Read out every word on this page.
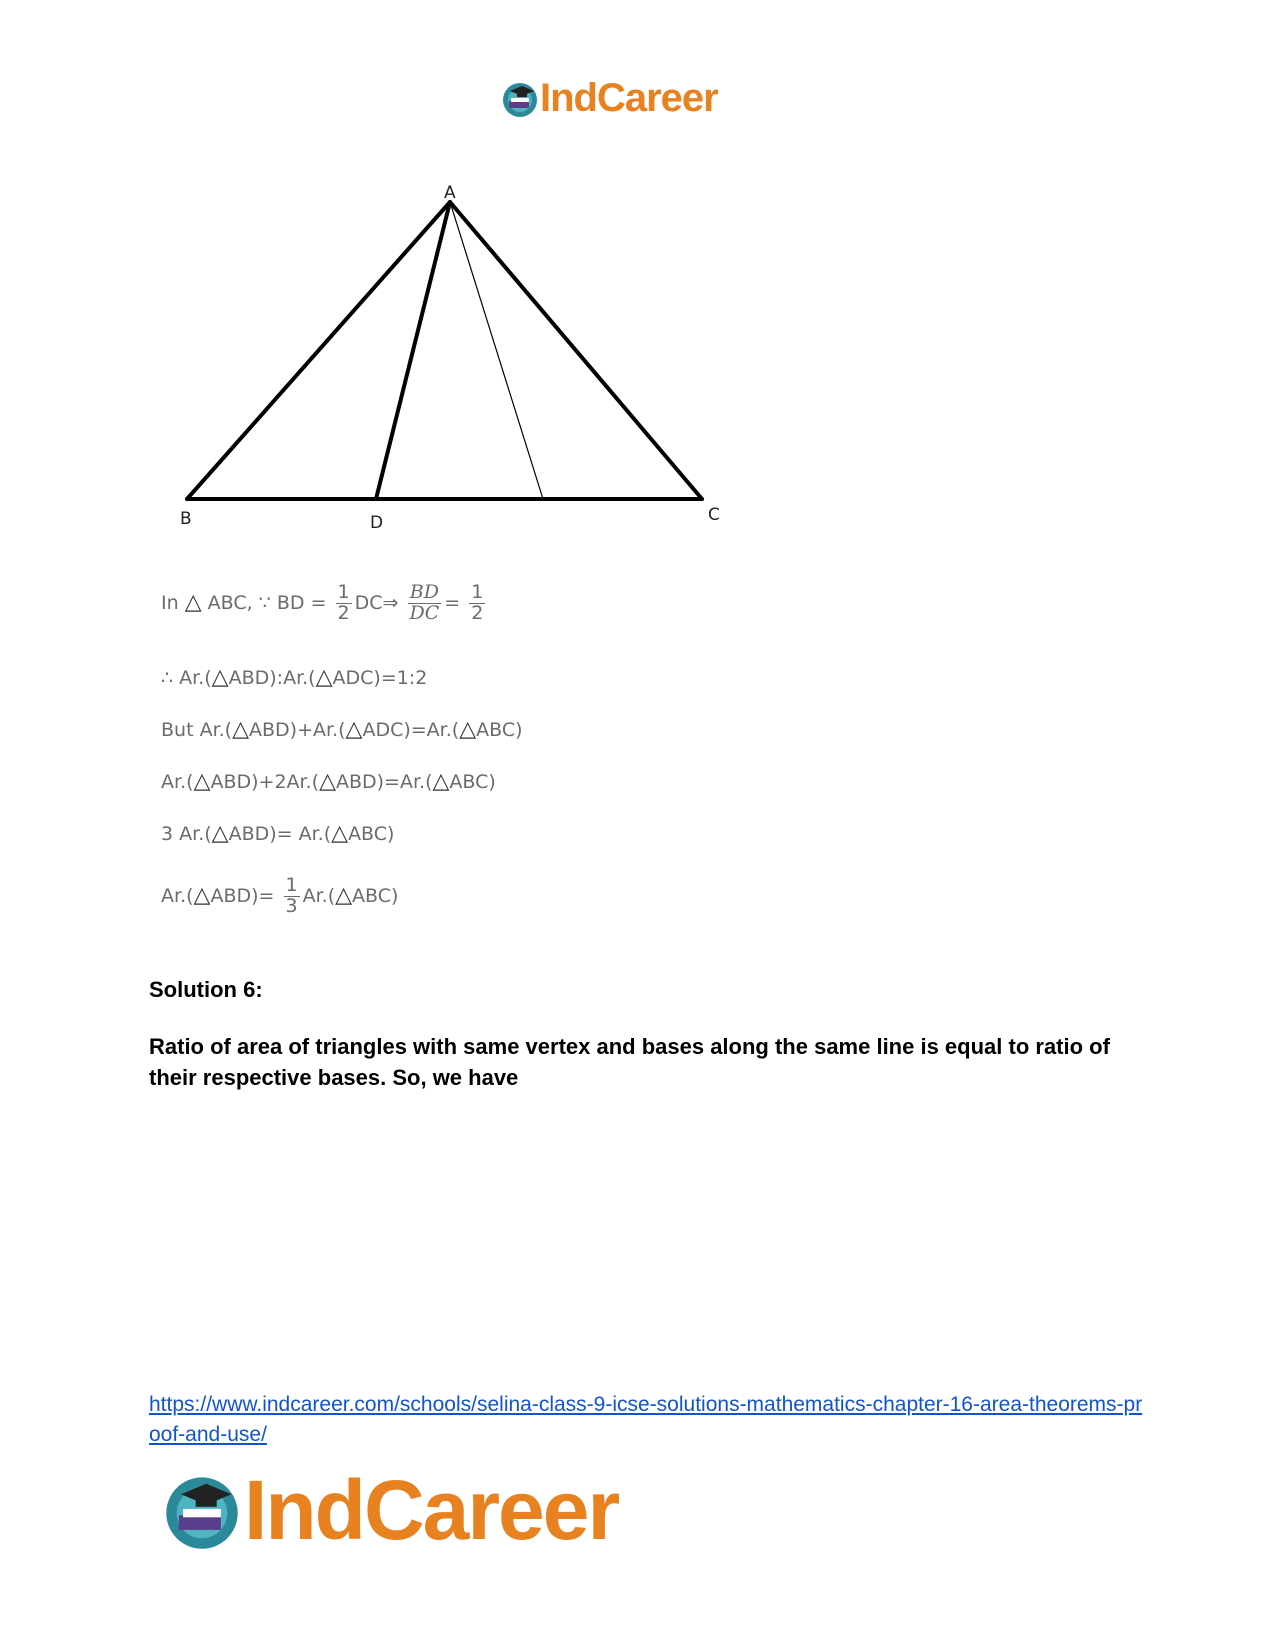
IndCareer
A
B	D	C
In △ ABC, ∵ BD = $\frac{1}{2}$ DC⇒ $\frac{BD}{DC} = \frac{1}{2}$
∴ Ar.(△ABD):Ar.(△ADC)=1:2
But Ar.(△ABD)+Ar.(△ADC)=Ar.(△ABC)
Ar.(△ABD)+2Ar.(△ABD)=Ar.(△ABC)
3 Ar.(△ABD)= Ar.(△ABC)
Ar.(△ABD)= $\frac{1}{3}$ Ar.(△ABC)
Solution 6:
Ratio of area of triangles with same vertex and bases along the same line is equal to ratio of their respective bases. So, we have
https://www.indcareer.com/schools/selina-class-9-icse-solutions-mathematics-chapter-16-area-theorems-proof-and-use/
IndCareer
